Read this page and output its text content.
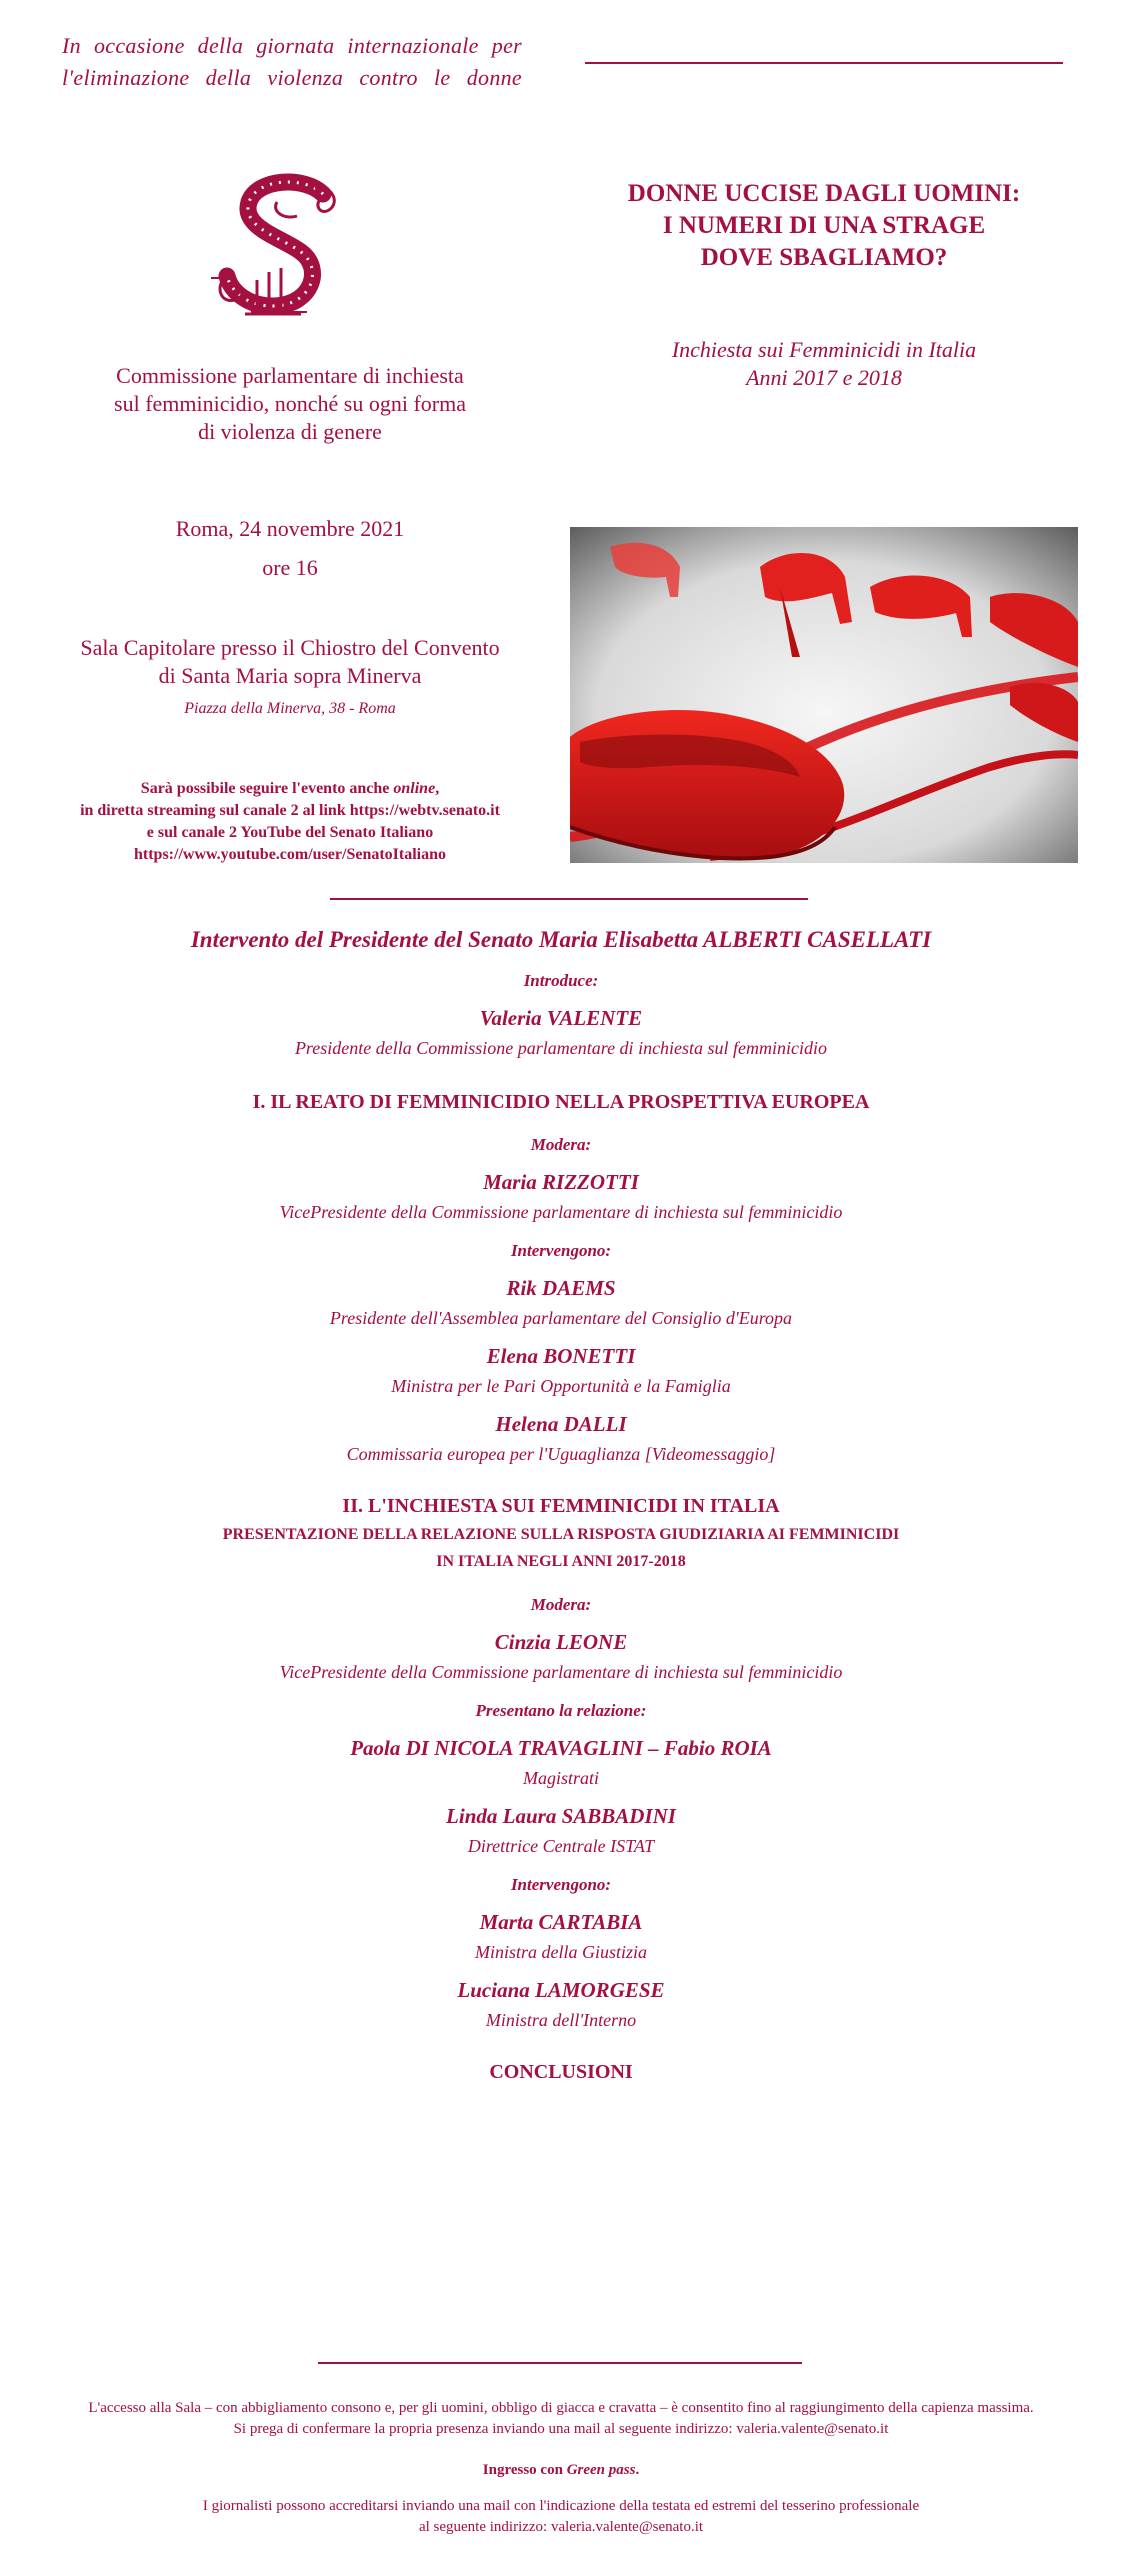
In occasione della giornata internazionale per
l'eliminazione della violenza contro le donne
DONNE UCCISE DAGLI UOMINI:
I NUMERI DI UNA STRAGE
DOVE SBAGLIAMO?
Inchiesta sui Femminicidi in Italia
Anni 2017 e 2018
Commissione parlamentare di inchiesta
sul femminicidio, nonché su ogni forma
di violenza di genere
Roma, 24 novembre 2021
ore 16
Sala Capitolare presso il Chiostro del Convento
di Santa Maria sopra Minerva
Piazza della Minerva, 38 - Roma
Sarà possibile seguire l'evento anche online,
in diretta streaming sul canale 2 al link https://webtv.senato.it
e sul canale 2 YouTube del Senato Italiano
https://www.youtube.com/user/SenatoItaliano

Intervento del Presidente del Senato Maria Elisabetta ALBERTI CASELLATI

Introduce:

Valeria VALENTE

Presidente della Commissione parlamentare di inchiesta sul femminicidio

I. IL REATO DI FEMMINICIDIO NELLA PROSPETTIVA EUROPEA

Modera:

Maria RIZZOTTI

VicePresidente della Commissione parlamentare di inchiesta sul femminicidio

Intervengono:

Rik DAEMS

Presidente dell'Assemblea parlamentare del Consiglio d'Europa

Elena BONETTI

Ministra per le Pari Opportunità e la Famiglia

Helena DALLI

Commissaria europea per l'Uguaglianza [Videomessaggio]

II. L'INCHIESTA SUI FEMMINICIDI IN ITALIA

PRESENTAZIONE DELLA RELAZIONE SULLA RISPOSTA GIUDIZIARIA AI FEMMINICIDI

IN ITALIA NEGLI ANNI 2017-2018

Modera:

Cinzia LEONE

VicePresidente della Commissione parlamentare di inchiesta sul femminicidio

Presentano la relazione:

Paola DI NICOLA TRAVAGLINI – Fabio ROIA

Magistrati

Linda Laura SABBADINI

Direttrice Centrale ISTAT

Intervengono:

Marta CARTABIA

Ministra della Giustizia

Luciana LAMORGESE

Ministra dell'Interno

CONCLUSIONI

L'accesso alla Sala – con abbigliamento consono e, per gli uomini, obbligo di giacca e cravatta – è consentito fino al raggiungimento della capienza massima.
Si prega di confermare la propria presenza inviando una mail al seguente indirizzo: valeria.valente@senato.it
Ingresso con Green pass.
I giornalisti possono accreditarsi inviando una mail con l'indicazione della testata ed estremi del tesserino professionale
al seguente indirizzo: valeria.valente@senato.it
